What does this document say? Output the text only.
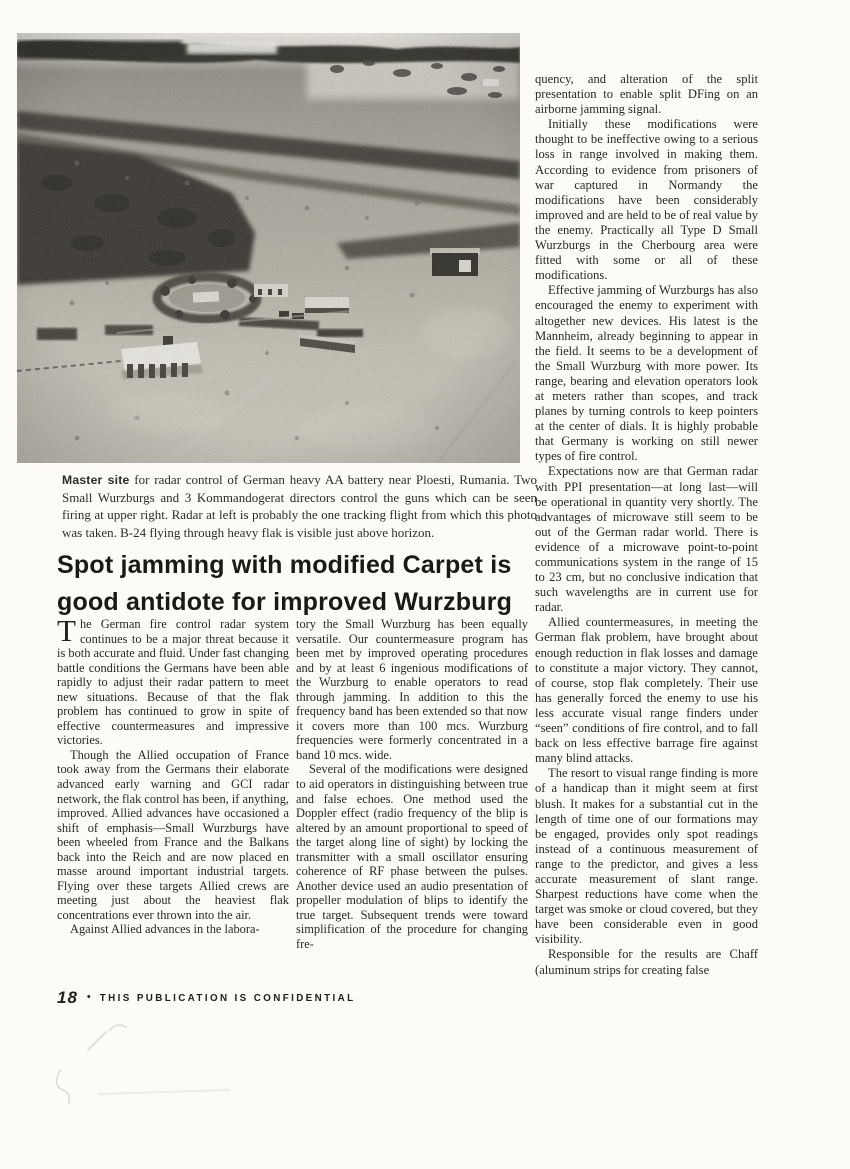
Master site for radar control of German heavy AA battery near Ploesti, Rumania. Two Small Wurzburgs and 3 Kommandogerat directors control the guns which can be seen firing at upper right. Radar at left is probably the one tracking flight from which this photo was taken. B-24 flying through heavy flak is visible just above horizon.

Spot jamming with modified Carpet is
good antidote for improved Wurzburg

The German fire control radar system continues to be a major threat because it is both accurate and fluid. Under fast changing battle conditions the Germans have been able rapidly to adjust their radar pattern to meet new situations. Because of that the flak problem has continued to grow in spite of effective countermeasures and impressive victories.

Though the Allied occupation of France took away from the Germans their elaborate advanced early warning and GCI radar network, the flak control has been, if anything, improved. Allied advances have occasioned a shift of emphasis—Small Wurzburgs have been wheeled from France and the Balkans back into the Reich and are now placed en masse around important industrial targets. Flying over these targets Allied crews are meeting just about the heaviest flak concentrations ever thrown into the air.

Against Allied advances in the labora-

tory the Small Wurzburg has been equally versatile. Our countermeasure program has been met by improved operating procedures and by at least 6 ingenious modifications of the Wurzburg to enable operators to read through jamming. In addition to this the frequency band has been extended so that now it covers more than 100 mcs. Wurzburg frequencies were formerly concentrated in a band 10 mcs. wide.

Several of the modifications were designed to aid operators in distinguishing between true and false echoes. One method used the Doppler effect (radio frequency of the blip is altered by an amount proportional to speed of the target along line of sight) by locking the transmitter with a small oscillator ensuring coherence of RF phase between the pulses. Another device used an audio presentation of propeller modulation of blips to identify the true target. Subsequent trends were toward simplification of the procedure for changing fre-

quency, and alteration of the split presentation to enable split DFing on an airborne jamming signal.

Initially these modifications were thought to be ineffective owing to a serious loss in range involved in making them. According to evidence from prisoners of war captured in Normandy the modifications have been considerably improved and are held to be of real value by the enemy. Practically all Type D Small Wurzburgs in the Cherbourg area were fitted with some or all of these modifications.

Effective jamming of Wurzburgs has also encouraged the enemy to experiment with altogether new devices. His latest is the Mannheim, already beginning to appear in the field. It seems to be a development of the Small Wurzburg with more power. Its range, bearing and elevation operators look at meters rather than scopes, and track planes by turning controls to keep pointers at the center of dials. It is highly probable that Germany is working on still newer types of fire control.

Expectations now are that German radar with PPI presentation—at long last—will be operational in quantity very shortly. The advantages of microwave still seem to be out of the German radar world. There is evidence of a microwave point-to-point communications system in the range of 15 to 23 cm, but no conclusive indication that such wavelengths are in current use for radar.

Allied countermeasures, in meeting the German flak problem, have brought about enough reduction in flak losses and damage to constitute a major victory. They cannot, of course, stop flak completely. Their use has generally forced the enemy to use his less accurate visual range finders under “seen” conditions of fire control, and to fall back on less effective barrage fire against many blind attacks.

The resort to visual range finding is more of a handicap than it might seem at first blush. It makes for a substantial cut in the length of time one of our formations may be engaged, provides only spot readings instead of a continuous measurement of range to the predictor, and gives a less accurate measurement of slant range. Sharpest reductions have come when the target was smoke or cloud covered, but they have been considerable even in good visibility.

Responsible for the results are Chaff (aluminum strips for creating false

18 • THIS PUBLICATION IS CONFIDENTIAL
